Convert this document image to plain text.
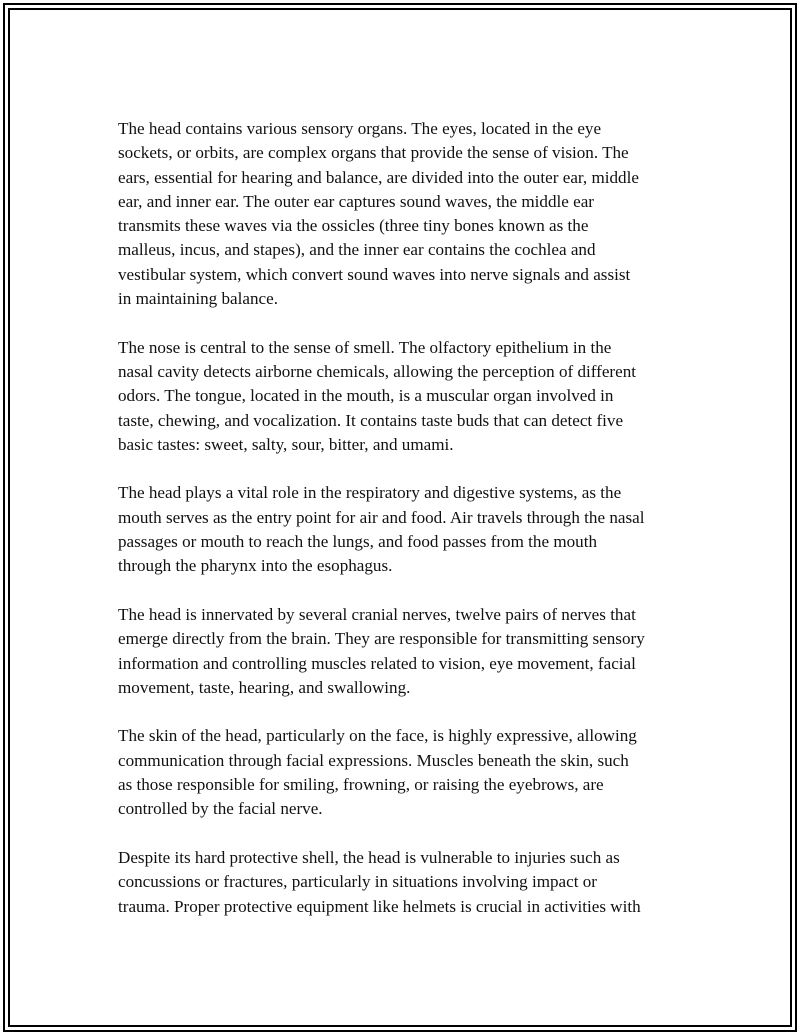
The head contains various sensory organs. The eyes, located in the eye
sockets, or orbits, are complex organs that provide the sense of vision. The
ears, essential for hearing and balance, are divided into the outer ear, middle
ear, and inner ear. The outer ear captures sound waves, the middle ear
transmits these waves via the ossicles (three tiny bones known as the
malleus, incus, and stapes), and the inner ear contains the cochlea and
vestibular system, which convert sound waves into nerve signals and assist
in maintaining balance.

The nose is central to the sense of smell. The olfactory epithelium in the
nasal cavity detects airborne chemicals, allowing the perception of different
odors. The tongue, located in the mouth, is a muscular organ involved in
taste, chewing, and vocalization. It contains taste buds that can detect five
basic tastes: sweet, salty, sour, bitter, and umami.

The head plays a vital role in the respiratory and digestive systems, as the
mouth serves as the entry point for air and food. Air travels through the nasal
passages or mouth to reach the lungs, and food passes from the mouth
through the pharynx into the esophagus.

The head is innervated by several cranial nerves, twelve pairs of nerves that
emerge directly from the brain. They are responsible for transmitting sensory
information and controlling muscles related to vision, eye movement, facial
movement, taste, hearing, and swallowing.

The skin of the head, particularly on the face, is highly expressive, allowing
communication through facial expressions. Muscles beneath the skin, such
as those responsible for smiling, frowning, or raising the eyebrows, are
controlled by the facial nerve.

Despite its hard protective shell, the head is vulnerable to injuries such as
concussions or fractures, particularly in situations involving impact or
trauma. Proper protective equipment like helmets is crucial in activities with
